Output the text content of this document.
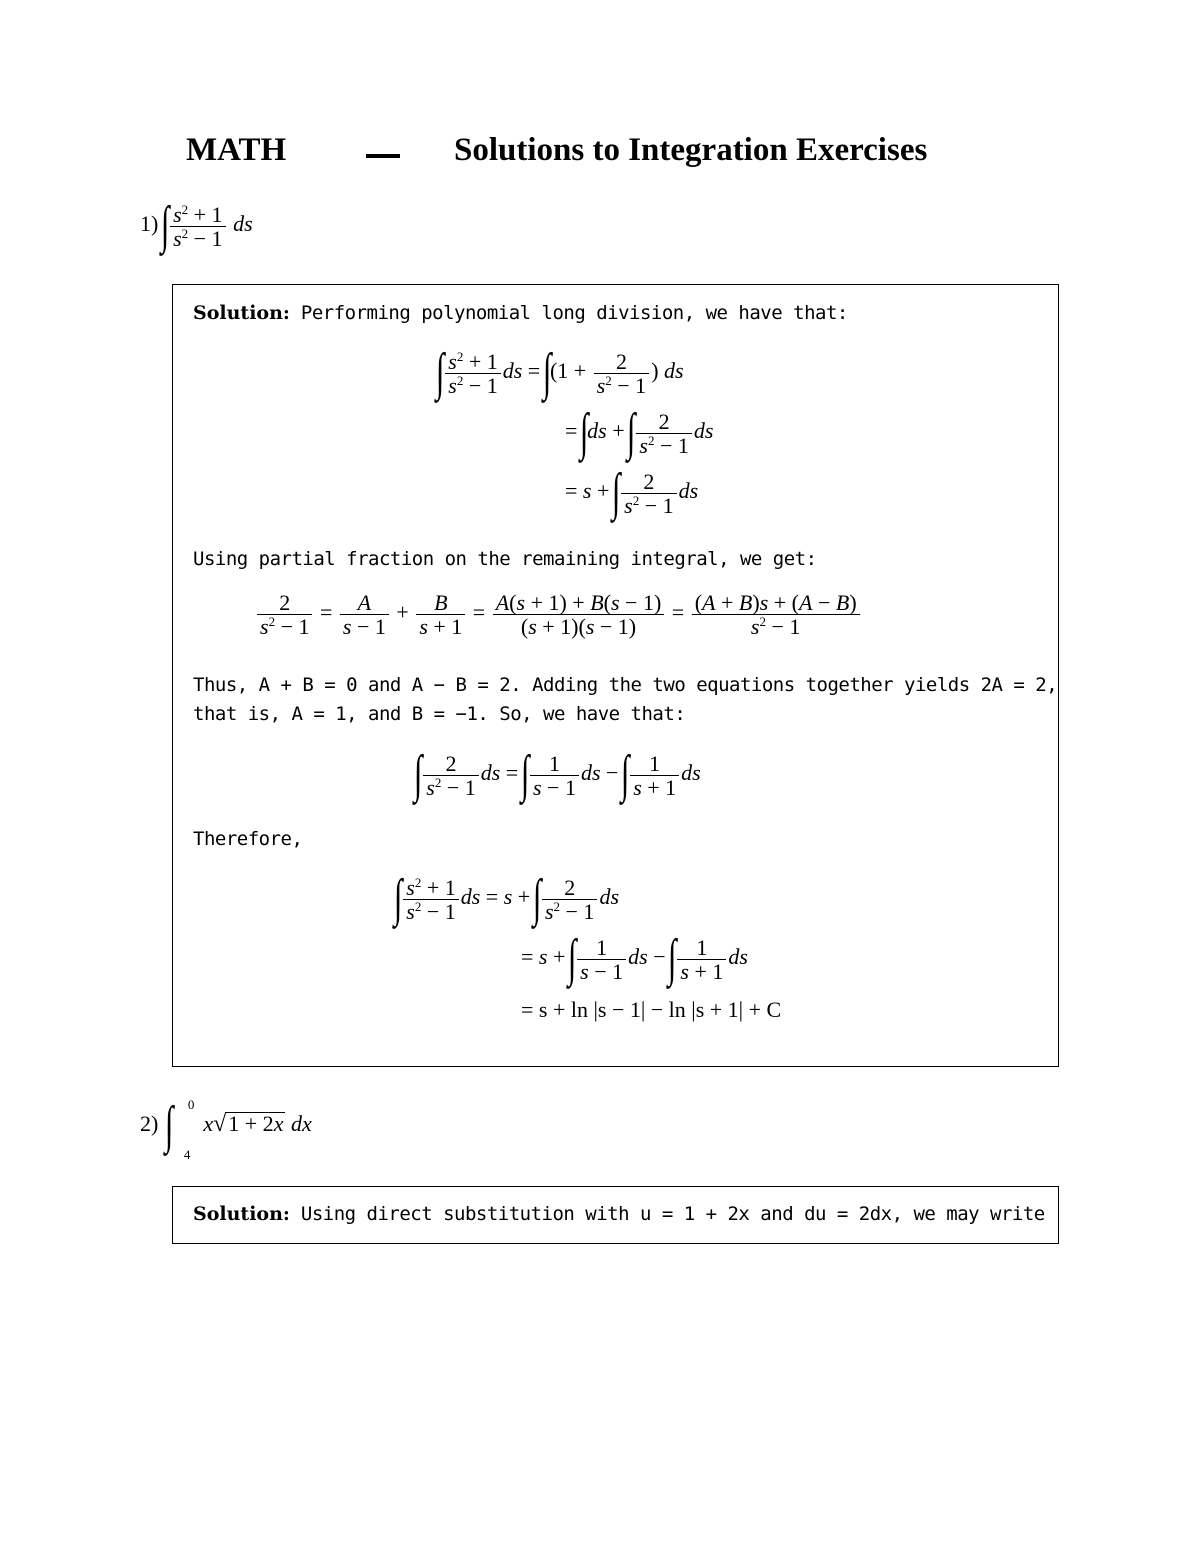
MATH	Solutions to Integration Exercises
1) ∫ $\frac{s^2 + 1}{s^2 - 1}$ ds
Solution: Performing polynomial long division, we have that:
∫ $\frac{s^2 + 1}{s^2 - 1}$ ds = $\int(1 + \frac{2}{s^2 - 1}$ ) ds
= ∫ds + ∫ $\frac{2}{s^2 - 1}$ ds
= s + ∫ $\frac{2}{s^2 - 1}$ ds
Using partial fraction on the remaining integral, we get:
$\frac{2}{s^2 - 1} = \frac{A}{s - 1} + \frac{B}{s + 1} = \frac{A(s + 1) + B(s - 1)}{(s + 1)(s - 1)} = \frac{(A + B)s + (A - B)}{s^2 - 1}$
Thus, A + B = 0 and A − B = 2. Adding the two equations together yields 2A = 2,
that is, A = 1, and B = −1. So, we have that:
∫ $\frac{2}{s^2 - 1}$ ds = ∫ $\frac{1}{s - 1}$ ds − ∫ $\frac{1}{s + 1}$ ds
Therefore,
∫ $\frac{s^2 + 1}{s^2 - 1}$ ds = s + ∫ $\frac{2}{s^2 - 1}$ ds
= s + ∫ $\frac{1}{s - 1}$ ds − ∫ $\frac{1}{s + 1}$ ds
= s + ln |s − 1| − ln |s + 1| + C
2) ∫ 0
4
x√1 + 2x dx
Solution: Using direct substitution with u = 1 + 2x and du = 2dx, we may write
